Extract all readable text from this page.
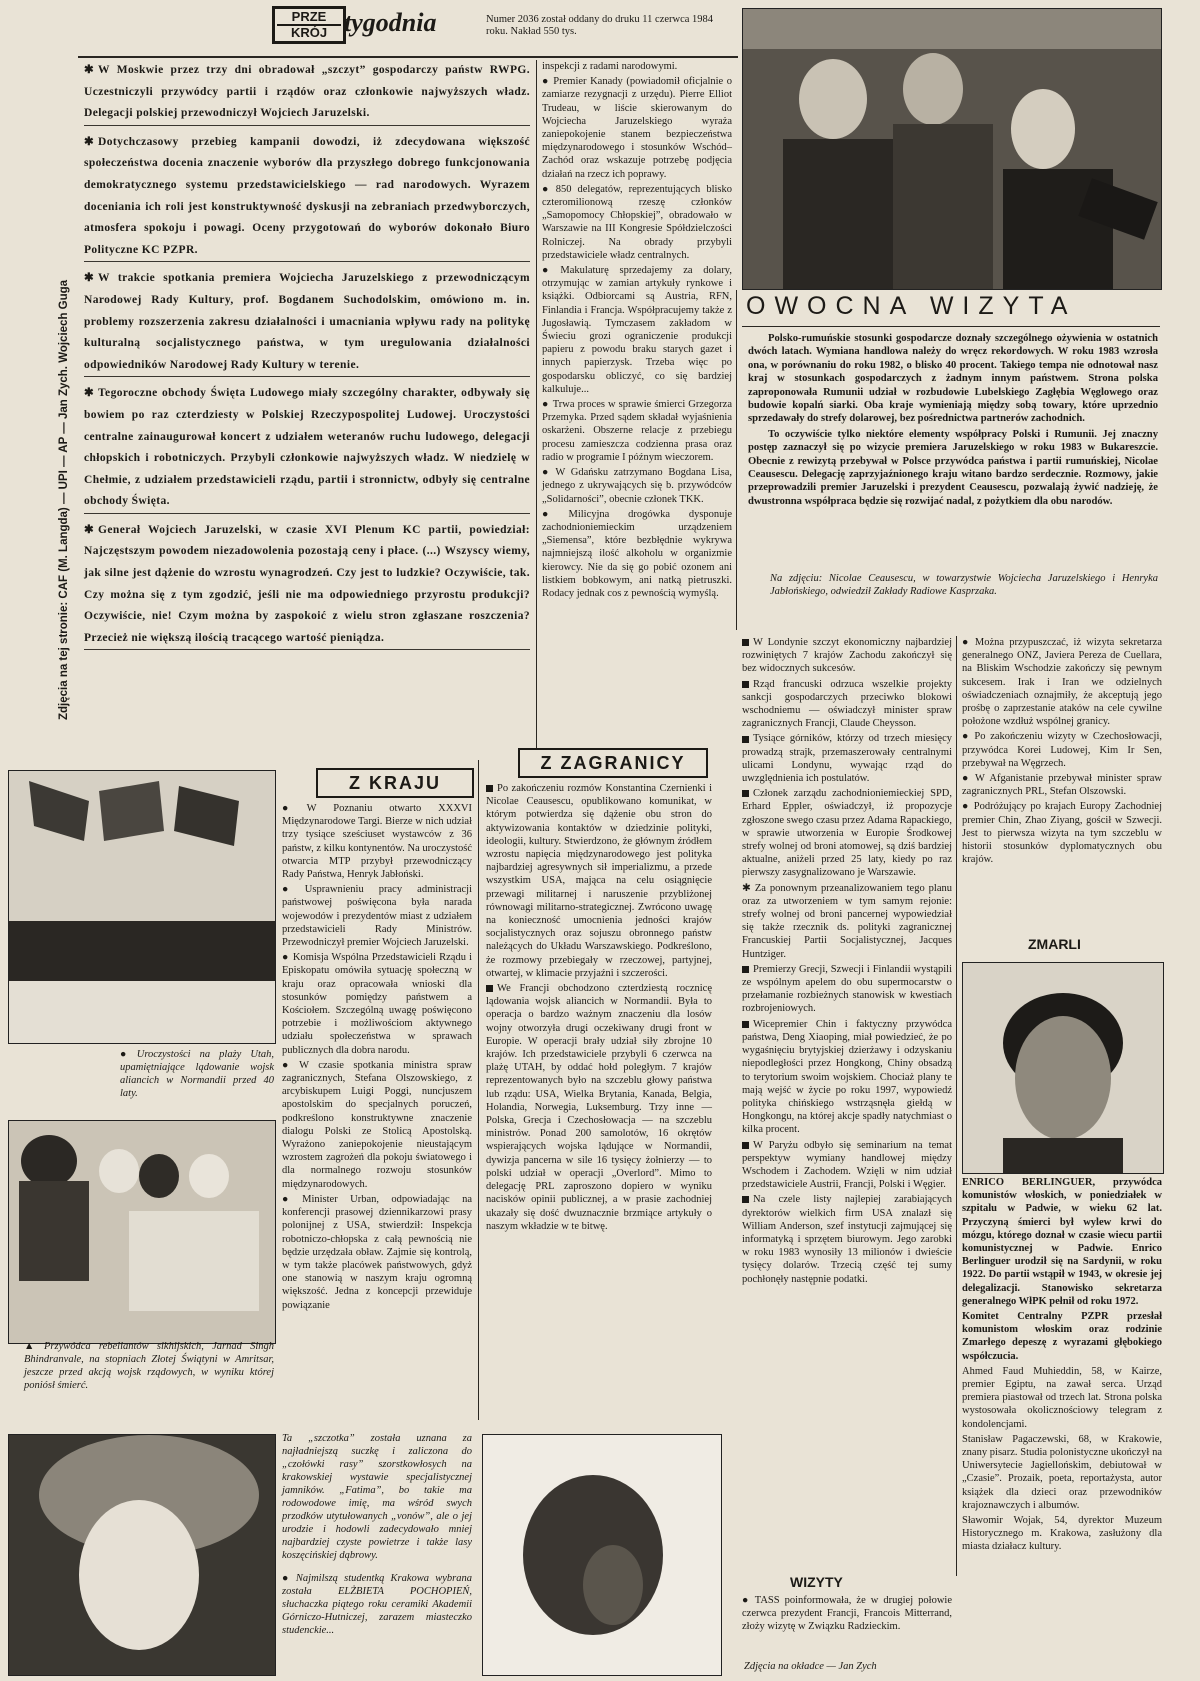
PRZE
KRÓJ tygodnia	Numer 2036 został oddany do druku 11 czerwca 1984 roku. Nakład 550 tys.
Zdjęcia na tej stronie: CAF (M. Langda) — UPI — AP — Jan Zych. Wojciech Guga

✱ W Moskwie przez trzy dni obradował „szczyt” gospodarczy państw RWPG. Uczestniczyli przywódcy partii i rządów oraz członkowie najwyższych władz. Delegacji polskiej przewodniczył Wojciech Jaruzelski.

✱ Dotychczasowy przebieg kampanii dowodzi, iż zdecydowana większość społeczeństwa docenia znaczenie wyborów dla przyszłego dobrego funkcjonowania demokratycznego systemu przedstawicielskiego — rad narodowych. Wyrazem doceniania ich roli jest konstruktywność dyskusji na zebraniach przedwyborczych, atmosfera spokoju i powagi. Oceny przygotowań do wyborów dokonało Biuro Polityczne KC PZPR.

✱ W trakcie spotkania premiera Wojciecha Jaruzelskiego z przewodniczącym Narodowej Rady Kultury, prof. Bogdanem Suchodolskim, omówiono m. in. problemy rozszerzenia zakresu działalności i umacniania wpływu rady na politykę kulturalną socjalistycznego państwa, w tym uregulowania działalności odpowiedników Narodowej Rady Kultury w terenie.

✱ Tegoroczne obchody Święta Ludowego miały szczególny charakter, odbywały się bowiem po raz czterdziesty w Polskiej Rzeczypospolitej Ludowej. Uroczystości centralne zainaugurował koncert z udziałem weteranów ruchu ludowego, delegacji chłopskich i robotniczych. Przybyli członkowie najwyższych władz. W niedzielę w Chełmie, z udziałem przedstawicieli rządu, partii i stronnictw, odbyły się centralne obchody Święta.

✱ Generał Wojciech Jaruzelski, w czasie XVI Plenum KC partii, powiedział: Najczęstszym powodem niezadowolenia pozostają ceny i płace. (...) Wszyscy wiemy, jak silne jest dążenie do wzrostu wynagrodzeń. Czy jest to ludzkie? Oczywiście, tak. Czy można się z tym zgodzić, jeśli nie ma odpowiedniego przyrostu produkcji? Oczywiście, nie! Czym można by zaspokoić z wielu stron zgłaszane roszczenia? Przecież nie większą ilością tracącego wartość pieniądza.

OWOCNA WIZYTA

Polsko-rumuńskie stosunki gospodarcze doznały szczególnego ożywienia w ostatnich dwóch latach. Wymiana handlowa należy do wręcz rekordowych. W roku 1983 wzrosła ona, w porównaniu do roku 1982, o blisko 40 procent. Takiego tempa nie odnotował nasz kraj w stosunkach gospodarczych z żadnym innym państwem. Strona polska zaproponowała Rumunii udział w rozbudowie Lubelskiego Zagłębia Węglowego oraz budowie kopalń siarki. Oba kraje wymieniają między sobą towary, które uprzednio sprzedawały do strefy dolarowej, bez pośrednictwa partnerów zachodnich.

To oczywiście tylko niektóre elementy współpracy Polski i Rumunii. Jej znaczny postęp zaznaczył się po wizycie premiera Jaruzelskiego w roku 1983 w Bukareszcie. Obecnie z rewizytą przebywał w Polsce przywódca państwa i partii rumuńskiej, Nicolae Ceausescu. Delegację zaprzyjaźnionego kraju witano bardzo serdecznie. Rozmowy, jakie przeprowadzili premier Jaruzelski i prezydent Ceausescu, pozwalają żywić nadzieję, że dwustronna współpraca będzie się rozwijać nadal, z pożytkiem dla obu narodów.

Na zdjęciu: Nicolae Ceausescu, w towarzystwie Wojciecha Jaruzelskiego i Henryka Jabłońskiego, odwiedził Zakłady Radiowe Kasprzaka.

inspekcji z radami narodowymi.

● Premier Kanady (powiadomił oficjalnie o zamiarze rezygnacji z urzędu). Pierre Elliot Trudeau, w liście skierowanym do Wojciecha Jaruzelskiego wyraża zaniepokojenie stanem bezpieczeństwa międzynarodowego i stosunków Wschód–Zachód oraz wskazuje potrzebę podjęcia działań na rzecz ich poprawy.

● 850 delegatów, reprezentujących blisko czteromilionową rzeszę członków „Samopomocy Chłopskiej”, obradowało w Warszawie na III Kongresie Spółdzielczości Rolniczej. Na obrady przybyli przedstawiciele władz centralnych.

● Makulaturę sprzedajemy za dolary, otrzymując w zamian artykuły rynkowe i książki. Odbiorcami są Austria, RFN, Finlandia i Francja. Współpracujemy także z Jugosławią. Tymczasem zakładom w Świeciu grozi ograniczenie produkcji papieru z powodu braku starych gazet i innych papierzysk. Trzeba więc po gospodarsku obliczyć, co się bardziej kalkuluje...

● Trwa proces w sprawie śmierci Grzegorza Przemyka. Przed sądem składał wyjaśnienia oskarżeni. Obszerne relacje z przebiegu procesu zamieszcza codzienna prasa oraz radio w programie I późnym wieczorem.

● W Gdańsku zatrzymano Bogdana Lisa, jednego z ukrywających się b. przywódców „Solidarności”, obecnie członek TKK.

● Milicyjna drogówka dysponuje zachodnioniemieckim urządzeniem „Siemensa”, które bezbłędnie wykrywa najmniejszą ilość alkoholu w organizmie kierowcy. Nie da się go pobić ozonem ani listkiem bobkowym, ani natką pietruszki. Rodacy jednak cos z pewnością wymyślą.

● Uroczystości na plaży Utah, upamiętniające lądowanie wojsk aliancich w Normandii przed 40 laty.
▲ Przywódca rebeliantów sikhijskich, Jarnad Singh Bhindranvale, na stopniach Złotej Świątyni w Amritsar, jeszcze przed akcją wojsk rządowych, w wyniku której poniósł śmierć.
Ta „szczotka” została uznana za najładniejszą suczkę i zaliczona do „czołówki rasy” szorstkowłosych na krakowskiej wystawie specjalistycznej jamników. „Fatima”, bo takie ma rodowodowe imię, ma wśród swych przodków utytułowanych „vonów”, ale o jej urodzie i hodowli zadecydowało mniej najbardziej czyste powietrze i także lasy koszęcińskiej dąbrowy.
● Najmilszą studentką Krakowa wybrana została ELŻBIETA POCHOPIEŃ, słuchaczka piątego roku ceramiki Akademii Górniczo-Hutniczej, zarazem miasteczko studenckie...
Z KRAJU

● W Poznaniu otwarto XXXVI Międzynarodowe Targi. Bierze w nich udział trzy tysiące sześciuset wystawców z 36 państw, z kilku kontynentów. Na uroczystość otwarcia MTP przybył przewodniczący Rady Państwa, Henryk Jabłoński.

● Usprawnieniu pracy administracji państwowej poświęcona była narada wojewodów i prezydentów miast z udziałem przedstawicieli Rady Ministrów. Przewodniczył premier Wojciech Jaruzelski.

● Komisja Wspólna Przedstawicieli Rządu i Episkopatu omówiła sytuację społeczną w kraju oraz opracowała wnioski dla stosunków pomiędzy państwem a Kościołem. Szczególną uwagę poświęcono potrzebie i możliwościom aktywnego udziału społeczeństwa w sprawach publicznych dla dobra narodu.

● W czasie spotkania ministra spraw zagranicznych, Stefana Olszowskiego, z arcybiskupem Luigi Poggi, nuncjuszem apostolskim do specjalnych poruczeń, podkreślono konstruktywne znaczenie dialogu Polski ze Stolicą Apostolską. Wyrażono zaniepokojenie nieustającym wzrostem zagrożeń dla pokoju światowego i dla normalnego rozwoju stosunków międzynarodowych.

● Minister Urban, odpowiadając na konferencji prasowej dziennikarzowi prasy polonijnej z USA, stwierdził: Inspekcja robotniczo-chłopska z całą pewnością nie będzie urzędzała obław. Zajmie się kontrolą, w tym także placówek państwowych, gdyż one stanowią w naszym kraju ogromną większość. Jedna z koncepcji przewiduje powiązanie

Z ZAGRANICY

Po zakończeniu rozmów Konstantina Czernienki i Nicolae Ceausescu, opublikowano komunikat, w którym potwierdza się dążenie obu stron do aktywizowania kontaktów w dziedzinie polityki, ideologii, kultury. Stwierdzono, że głównym źródłem wzrostu napięcia międzynarodowego jest polityka najbardziej agresywnych sił imperializmu, a przede wszystkim USA, mająca na celu osiągnięcie przewagi militarnej i naruszenie przybliżonej równowagi militarno-strategicznej. Zwrócono uwagę na konieczność umocnienia jedności krajów socjalistycznych oraz sojuszu obronnego państw należących do Układu Warszawskiego. Podkreślono, że rozmowy przebiegały w rzeczowej, partyjnej, otwartej, w klimacie przyjaźni i szczerości.

We Francji obchodzono czterdziestą rocznicę lądowania wojsk aliancich w Normandii. Była to operacja o bardzo ważnym znaczeniu dla losów wojny otworzyła drugi oczekiwany drugi front w Europie. W operacji brały udział siły zbrojne 10 krajów. Ich przedstawiciele przybyli 6 czerwca na plażę UTAH, by oddać hołd poległym. 7 krajów reprezentowanych było na szczeblu głowy państwa lub rządu: USA, Wielka Brytania, Kanada, Belgia, Holandia, Norwegia, Luksemburg. Trzy inne — Polska, Grecja i Czechosłowacja — na szczeblu ministrów. Ponad 200 samolotów, 16 okrętów wspierających wojska lądujące w Normandii, dywizja pancerna w sile 16 tysięcy żołnierzy — to polski udział w operacji „Overlord”. Mimo to delegację PRL zaproszono dopiero w wyniku nacisków opinii publicznej, a w prasie zachodniej ukazały się dość dwuznacznie brzmiące artykuły o naszym wkładzie w te bitwę.

W Londynie szczyt ekonomiczny najbardziej rozwiniętych 7 krajów Zachodu zakończył się bez widocznych sukcesów.

Rząd francuski odrzuca wszelkie projekty sankcji gospodarczych przeciwko blokowi wschodniemu — oświadczył minister spraw zagranicznych Francji, Claude Cheysson.

Tysiące górników, którzy od trzech miesięcy prowadzą strajk, przemaszerowały centralnymi ulicami Londynu, wywając rząd do uwzględnienia ich postulatów.

Członek zarządu zachodnioniemieckiej SPD, Erhard Eppler, oświadczył, iż propozycje zgłoszone swego czasu przez Adama Rapackiego, w sprawie utworzenia w Europie Środkowej strefy wolnej od broni atomowej, są dziś bardziej aktualne, aniżeli przed 25 laty, kiedy po raz pierwszy zasygnalizowano je Warszawie.

✱ Za ponownym przeanalizowaniem tego planu oraz za utworzeniem w tym samym rejonie: strefy wolnej od broni pancernej wypowiedział się także rzecznik ds. polityki zagranicznej Francuskiej Partii Socjalistycznej, Jacques Huntziger.

Premierzy Grecji, Szwecji i Finlandii wystąpili ze wspólnym apelem do obu supermocarstw o przełamanie rozbieżnych stanowisk w kwestiach rozbrojeniowych.

Wicepremier Chin i faktyczny przywódca państwa, Deng Xiaoping, miał powiedzieć, że po wygaśnięciu brytyjskiej dzierżawy i odzyskaniu niepodległości przez Hongkong, Chiny obsadzą to terytorium swoim wojskiem. Chociaż plany te mają wejść w życie po roku 1997, wypowiedź polityka chińskiego wstrząsnęła giełdą w Hongkongu, na której akcje spadły natychmiast o kilka procent.

W Paryżu odbyło się seminarium na temat perspektyw wymiany handlowej między Wschodem i Zachodem. Wzięli w nim udział przedstawiciele Austrii, Francji, Polski i Węgier.

Na czele listy najlepiej zarabiających dyrektorów wielkich firm USA znalazł się William Anderson, szef instytucji zajmującej się informatyką i sprzętem biurowym. Jego zarobki w roku 1983 wynosiły 13 milionów i dwieście tysięcy dolarów. Trzecią część tej sumy pochłonęły następnie podatki.

● Można przypuszczać, iż wizyta sekretarza generalnego ONZ, Javiera Pereza de Cuellara, na Bliskim Wschodzie zakończy się pewnym sukcesem. Irak i Iran we odzielnych oświadczeniach oznajmiły, że akceptują jego prośbę o zaprzestanie ataków na cele cywilne położone wzdłuż wspólnej granicy.

● Po zakończeniu wizyty w Czechosłowacji, przywódca Korei Ludowej, Kim Ir Sen, przebywał na Węgrzech.

● W Afganistanie przebywał minister spraw zagranicznych PRL, Stefan Olszowski.

● Podróżujący po krajach Europy Zachodniej premier Chin, Zhao Ziyang, gościł w Szwecji. Jest to pierwsza wizyta na tym szczeblu w historii stosunków dyplomatycznych obu krajów.

ZMARLI

ENRICO BERLINGUER, przywódca komunistów włoskich, w poniedziałek w szpitalu w Padwie, w wieku 62 lat. Przyczyną śmierci był wylew krwi do mózgu, którego doznał w czasie wiecu partii komunistycznej w Padwie. Enrico Berlinguer urodził się na Sardynii, w roku 1922. Do partii wstąpił w 1943, w okresie jej delegalizacji. Stanowisko sekretarza generalnego WłPK pełnił od roku 1972.

Komitet Centralny PZPR przesłał komunistom włoskim oraz rodzinie Zmarłego depeszę z wyrazami głębokiego współczucia.

Ahmed Faud Muhieddin, 58, w Kairze, premier Egiptu, na zawał serca. Urząd premiera piastował od trzech lat. Strona polska wystosowała okolicznościowy telegram z kondolencjami.

Stanisław Pagaczewski, 68, w Krakowie, znany pisarz. Studia polonistyczne ukończył na Uniwersytecie Jagiellońskim, debiutował w „Czasie”. Prozaik, poeta, reportażysta, autor książek dla dzieci oraz przewodników krajoznawczych i albumów.

Sławomir Wojak, 54, dyrektor Muzeum Historycznego m. Krakowa, zasłużony dla miasta działacz kultury.

WIZYTY
● TASS poinformowała, że w drugiej połowie czerwca prezydent Francji, Francois Mitterrand, złoży wizytę w Związku Radzieckim.
Zdjęcia na okładce — Jan Zych
